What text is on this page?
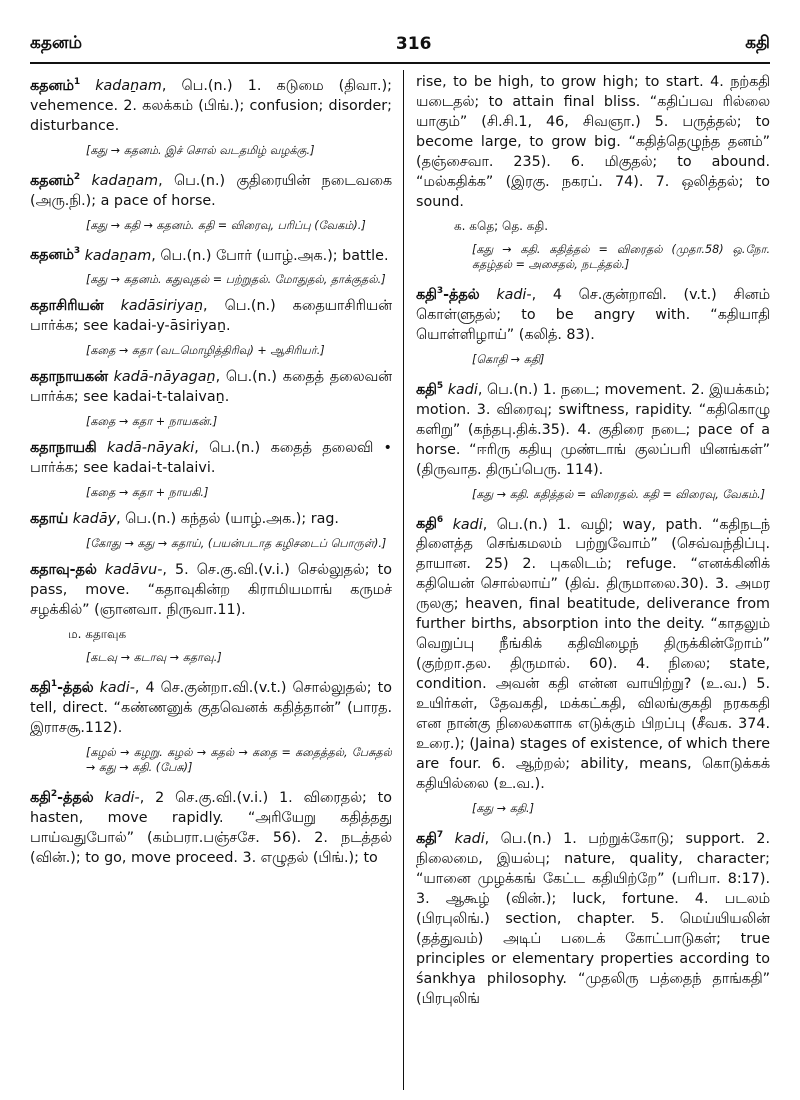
கதனம்	316	கதி
கதனம்$^1$ kadaṉam, பெ.(n.) 1. கடுமை (திவா.); vehemence. 2. கலக்கம் (பிங்.); confusion; disorder; disturbance.
[கது → கதனம். இச் சொல் வடதமிழ் வழக்கு.]
கதனம்$^2$ kadaṉam, பெ.(n.) குதிரையின் நடைவகை (அரு.நி.); a pace of horse.
[கது → கதி → கதனம். கதி = விரைவு, பரிப்பு (வேகம்).]
கதனம்$^3$ kadaṉam, பெ.(n.) போர் (யாழ்.அக.); battle.
[கது → கதனம். கதுவுதல் = பற்றுதல். மோதுதல், தாக்குதல்.]
கதாசிரியன் kadāsiriyaṉ, பெ.(n.) கதையாசிரியன் பார்க்க; see kadai-y-āsiriyaṉ.
[கதை → கதா (வடமொழித்திரிவு) + ஆசிரியர்.]
கதாநாயகன் kadā-nāyagaṉ, பெ.(n.) கதைத் தலைவன் பார்க்க; see kadai-t-talaivaṉ.
[கதை → கதா + நாயகன்.]
கதாநாயகி kadā-nāyaki, பெ.(n.) கதைத் தலைவி • பார்க்க; see kadai-t-talaivi.
[கதை → கதா + நாயகி.]
கதாய் kadāy, பெ.(n.) கந்தல் (யாழ்.அக.); rag.
[கோது → கது → கதாய், (பயன்படாத கழிசடைப் பொருள்).]
கதாவு-தல் kadāvu-, 5. செ.கு.வி.(v.i.) செல்லுதல்; to pass, move. “கதாவுகின்ற கிராமியமாங் கருமச் சழக்கில்” (ஞானவா. நிருவா.11).
ம. கதாவுக
[கடவு → கடாவு → கதாவு.]
கதி$^1$-த்தல் kadi-, 4 செ.குன்றா.வி.(v.t.) சொல்லுதல்; to tell, direct. “கண்ணனுக் குதவெனக் கதித்தான்” (பாரத. இராசசூ.112).
[கழல் → கழறு. கழல் → கதல் → கதை = கதைத்தல், பேசுதல் → கது → கதி. (பேசு)]
கதி$^2$-த்தல் kadi-, 2 செ.கு.வி.(v.i.) 1. விரைதல்; to hasten, move rapidly. “அரியேறு கதித்தது பாய்வதுபோல்” (கம்பரா.பஞ்சசே. 56). 2. நடத்தல் (வின்.); to go, move proceed. 3. எழுதல் (பிங்.); to
rise, to be high, to grow high; to start. 4. நற்கதி யடைதல்; to attain final bliss. “கதிப்பவ ரில்லை யாகும்” (சி.சி.1, 46, சிவஞா.) 5. பருத்தல்; to become large, to grow big. “கதித்தெழுந்த தனம்” (தஞ்சைவா. 235). 6. மிகுதல்; to abound. “மல்கதிக்க” (இரகு. நகரப். 74). 7. ஒலித்தல்; to sound.
க. கதெ; தெ. கதி.
[கது → கதி. கதித்தல் = விரைதல் (முதா.58) ஒ.நோ. கதழ்தல் = அசைதல், நடத்தல்.]
கதி$^3$-த்தல் kadi-, 4 செ.குன்றாவி. (v.t.) சினம் கொள்ளுதல்; to be angry with. “கதியாதி யொள்ளிழாய்” (கலித். 83).
[கொதி → கதி]
கதி$^5$ kadi, பெ.(n.) 1. நடை; movement. 2. இயக்கம்; motion. 3. விரைவு; swiftness, rapidity. “கதிகொழு களிறு” (கந்தபு.திக்.35). 4. குதிரை நடை; pace of a horse. “ஈரிரு கதியு முண்டாங் குலப்பரி யினங்கள்” (திருவாத. திருப்பெரு. 114).
[கது → கதி. கதித்தல் = விரைதல். கதி = விரைவு, வேகம்.]
கதி$^6$ kadi, பெ.(n.) 1. வழி; way, path. “கதிநடந் திளைத்த செங்கமலம் பற்றுவோம்” (செவ்வந்திப்பு. தாயான. 25) 2. புகலிடம்; refuge. “எனக்கினிக் கதியென் சொல்லாய்” (திவ். திருமாலை.30). 3. அமர ருலகு; heaven, final beatitude, deliverance from further births, absorption into the deity. “காதலும் வெறுப்பு நீங்கிக் கதிவிழைந் திருக்கின்றோம்” (குற்றா.தல. திருமால். 60). 4. நிலை; state, condition. அவன் கதி என்ன வாயிற்று? (உ.வ.) 5. உயிர்கள், தேவகதி, மக்கட்கதி, விலங்குகதி நரககதி என நான்கு நிலைகளாக எடுக்கும் பிறப்பு (சீவக. 374. உரை.); (Jaina) stages of existence, of which there are four. 6. ஆற்றல்; ability, means, கொடுக்கக் கதியில்லை (உ.வ.).
[கது → கதி.]
கதி$^7$ kadi, பெ.(n.) 1. பற்றுக்கோடு; support. 2. நிலைமை, இயல்பு; nature, quality, character; “யானை முழக்கங் கேட்ட கதியிற்றே” (பரிபா. 8:17). 3. ஆகூழ் (வின்.); luck, fortune. 4. படலம் (பிரபுலிங்.) section, chapter. 5. மெய்யியலின் (தத்துவம்) அடிப் படைக் கோட்பாடுகள்; true principles or elementary properties according to śankhya philosophy. “முதலிரு பத்தைந் தாங்கதி” (பிரபுலிங்
